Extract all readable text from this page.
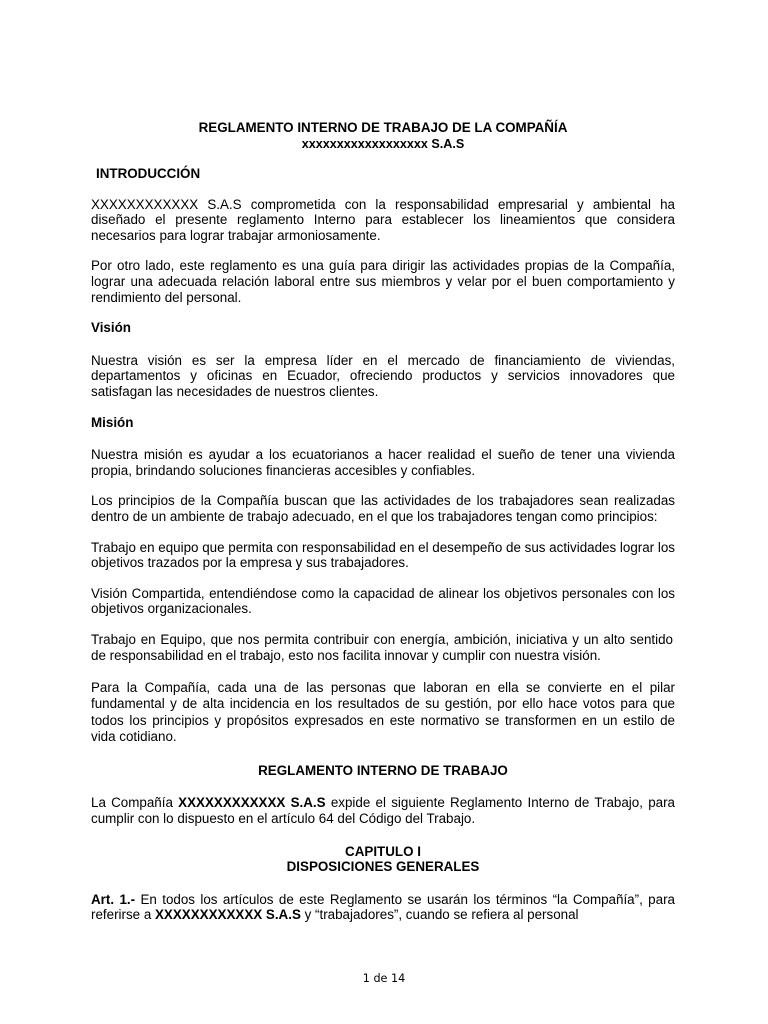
REGLAMENTO INTERNO DE TRABAJO DE LA COMPAÑÍA

xxxxxxxxxxxxxxxxxx S.A.S

INTRODUCCIÓN

XXXXXXXXXXXX S.A.S comprometida con la responsabilidad empresarial y ambiental ha diseñado el presente reglamento Interno para establecer los lineamientos que considera necesarios para lograr trabajar armoniosamente.

Por otro lado, este reglamento es una guía para dirigir las actividades propias de la Compañía, lograr una adecuada relación laboral entre sus miembros y velar por el buen comportamiento y rendimiento del personal.

Visión

Nuestra visión es ser la empresa líder en el mercado de financiamiento de viviendas, departamentos y oficinas en Ecuador, ofreciendo productos y servicios innovadores que satisfagan las necesidades de nuestros clientes.

Misión

Nuestra misión es ayudar a los ecuatorianos a hacer realidad el sueño de tener una vivienda propia, brindando soluciones financieras accesibles y confiables.

Los principios de la Compañía buscan que las actividades de los trabajadores sean realizadas dentro de un ambiente de trabajo adecuado, en el que los trabajadores tengan como principios:

Trabajo en equipo que permita con responsabilidad en el desempeño de sus actividades lograr los objetivos trazados por la empresa y sus trabajadores.

Visión Compartida, entendiéndose como la capacidad de alinear los objetivos personales con los objetivos organizacionales.

Trabajo en Equipo, que nos permita contribuir con energía, ambición, iniciativa y un alto sentido de responsabilidad en el trabajo, esto nos facilita innovar y cumplir con nuestra visión.

Para la Compañía, cada una de las personas que laboran en ella se convierte en el pilar fundamental y de alta incidencia en los resultados de su gestión, por ello hace votos para que todos los principios y propósitos expresados en este normativo se transformen en un estilo de vida cotidiano.

REGLAMENTO INTERNO DE TRABAJO

La Compañía XXXXXXXXXXXX S.A.S expide el siguiente Reglamento Interno de Trabajo, para cumplir con lo dispuesto en el artículo 64 del Código del Trabajo.

CAPITULO I

DISPOSICIONES GENERALES

Art. 1.- En todos los artículos de este Reglamento se usarán los términos “la Compañía”, para referirse a XXXXXXXXXXXX S.A.S y “trabajadores”, cuando se refiera al personal

1 de 14
